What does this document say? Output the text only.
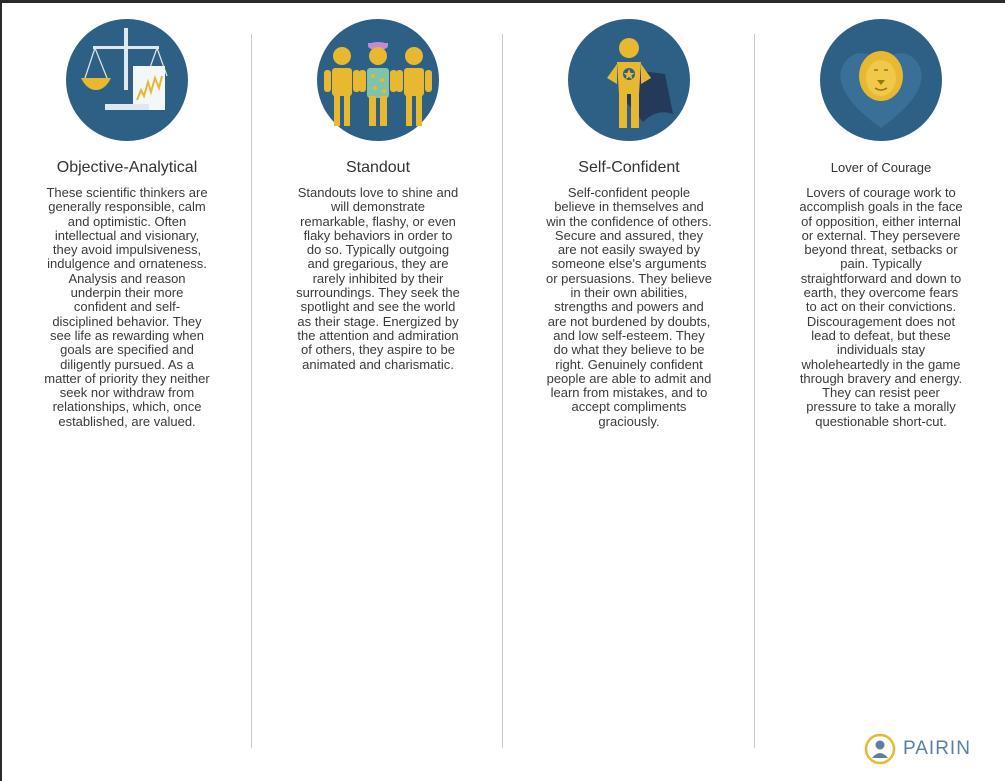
Objective-Analytical
These scientific thinkers are generally responsible, calm and optimistic. Often intellectual and visionary, they avoid impulsiveness, indulgence and ornateness. Analysis and reason underpin their more confident and self-disciplined behavior. They see life as rewarding when goals are specified and diligently pursued. As a matter of priority they neither seek nor withdraw from relationships, which, once established, are valued.
Standout
Standouts love to shine and will demonstrate remarkable, flashy, or even flaky behaviors in order to do so. Typically outgoing and gregarious, they are rarely inhibited by their surroundings. They seek the spotlight and see the world as their stage. Energized by the attention and admiration of others, they aspire to be animated and charismatic.
Self-Confident
Self-confident people believe in themselves and win the confidence of others. Secure and assured, they are not easily swayed by someone else's arguments or persuasions. They believe in their own abilities, strengths and powers and are not burdened by doubts, and low self-esteem. They do what they believe to be right. Genuinely confident people are able to admit and learn from mistakes, and to accept compliments graciously.
Lover of Courage
Lovers of courage work to accomplish goals in the face of opposition, either internal or external. They persevere beyond threat, setbacks or pain. Typically straightforward and down to earth, they overcome fears to act on their convictions. Discouragement does not lead to defeat, but these individuals stay wholeheartedly in the game through bravery and energy. They can resist peer pressure to take a morally questionable short-cut.
PAIRIN
